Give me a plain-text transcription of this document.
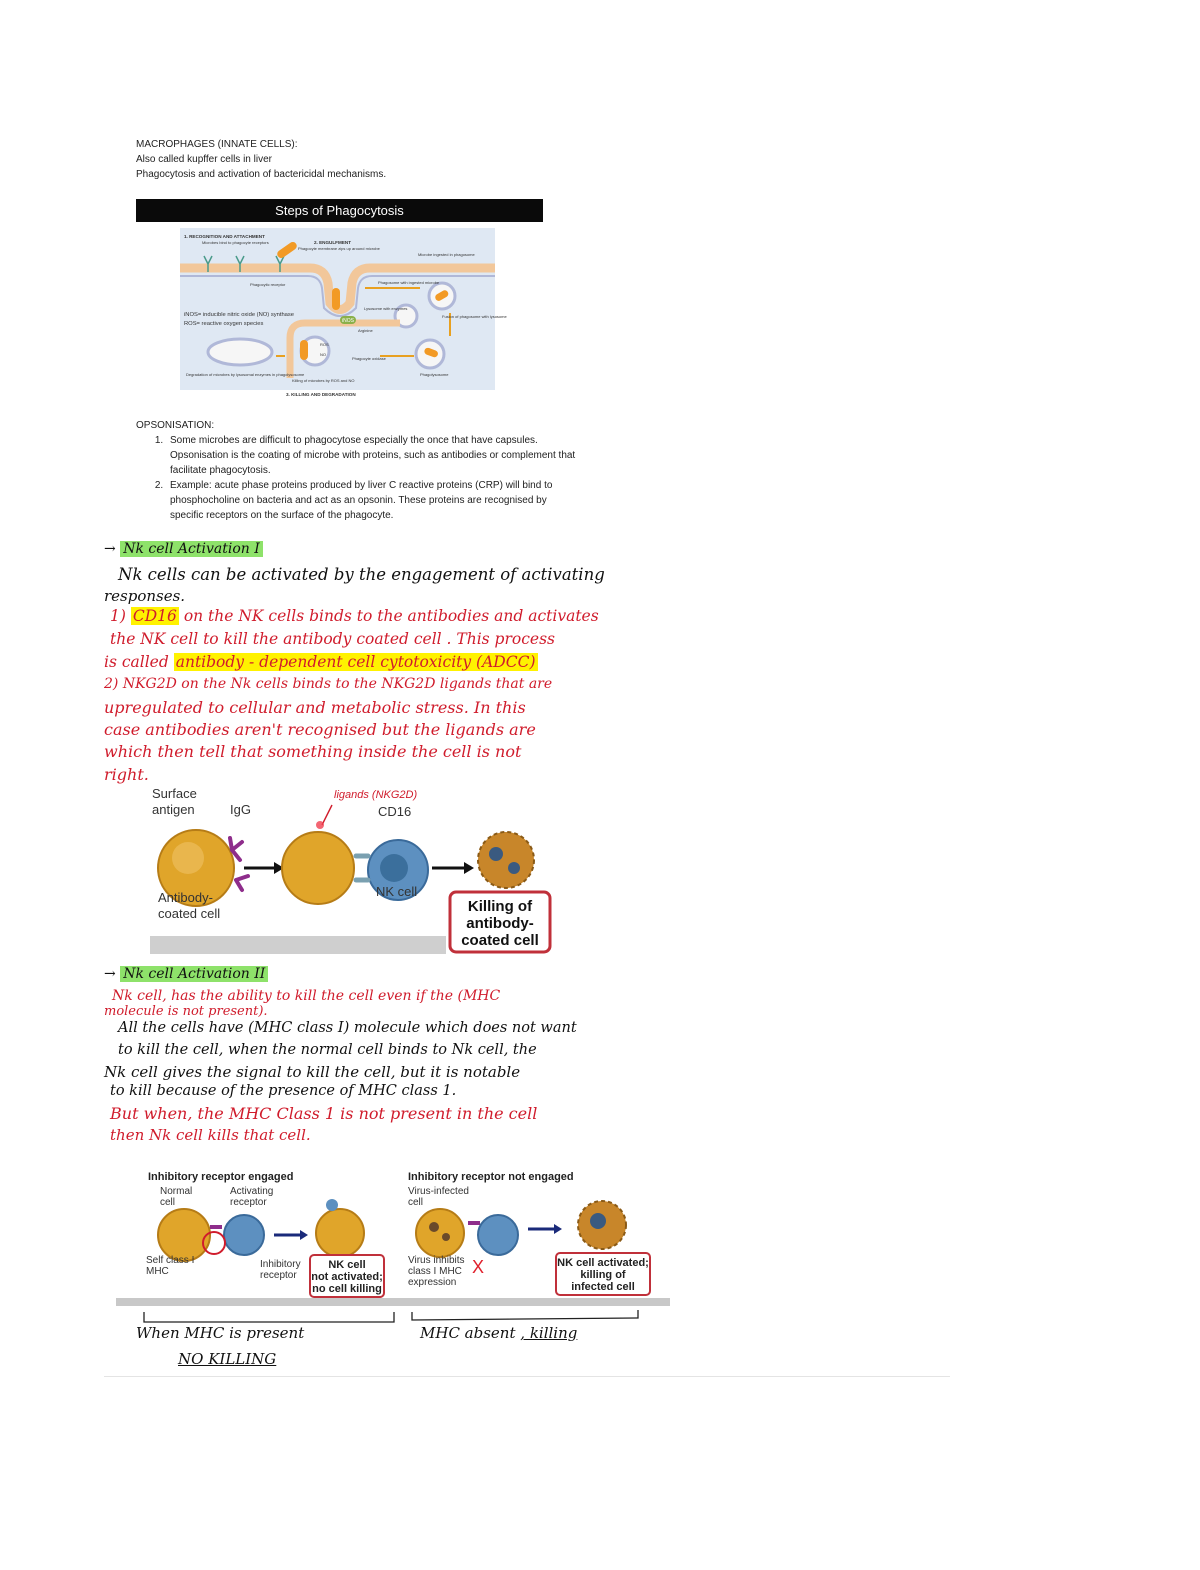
MACROPHAGES (INNATE CELLS):
Also called kupffer cells in liver
Phagocytosis and activation of bactericidal mechanisms.
Steps of Phagocytosis
iNOS
1. RECOGNITION AND ATTACHMENT
Microbes bind to phagocyte receptors	2. ENGULFMENT
Phagocyte membrane zips up around microbe
Microbe ingested in phagosome
Phagocytic receptor	Phagosome with ingested microbe
Lysosome with enzymes
Fusion of phagosome with lysosome
iNOS= inducible nitric oxide (NO) synthase
ROS= reactive oxygen species
Arginine
Phagocyte oxidase
ROS
NO
Degradation of microbes by lysosomal enzymes in phagolysosome
Killing of microbes by ROS and NO
Phagolysosome
3. KILLING AND DEGRADATION
OPSONISATION:
1. Some microbes are difficult to phagocytose especially the once that have capsules. Opsonisation is the coating of microbe with proteins, such as antibodies or complement that facilitate phagocytosis.
2. Example: acute phase proteins produced by liver C reactive proteins (CRP) will bind to phosphocholine on bacteria and act as an opsonin. These proteins are recognised by specific receptors on the surface of the phagocyte.
→ Nk cell Activation I
Nk cells can be activated by the engagement of activating
responses.
1) CD16 on the NK cells binds to the antibodies and activates
the NK cell to kill the antibody coated cell . This process
is called antibody - dependent cell cytotoxicity (ADCC)
2) NKG2D on the Nk cells binds to the NKG2D ligands that are
upregulated to cellular and metabolic stress. In this
case antibodies aren't recognised but the ligands are
which then tell that something inside the cell is not
right.
Surface
antigen	IgG
ligands (NKG2D)
CD16
Antibody-
coated cell
NK cell
Killing of
antibody-
coated cell
→ Nk cell Activation II
Nk cell, has the ability to kill the cell even if the (MHC
molecule is not present).
All the cells have (MHC class I) molecule which does not want
to kill the cell, when the normal cell binds to Nk cell, the
Nk cell gives the signal to kill the cell, but it is notable
to kill because of the presence of MHC class 1.
But when, the MHC Class 1 is not present in the cell
then Nk cell kills that cell.
Inhibitory receptor engaged
Normal
cell
Activating
receptor
Self class I
MHC
Inhibitory
receptor
NK cell
not activated;
no cell killing
Inhibitory receptor not engaged
Virus-infected
cell
Virus inhibits
class I MHC
expression
X	NK cell activated;
killing of
infected cell
When MHC is present
NO KILLING
MHC absent , killing
